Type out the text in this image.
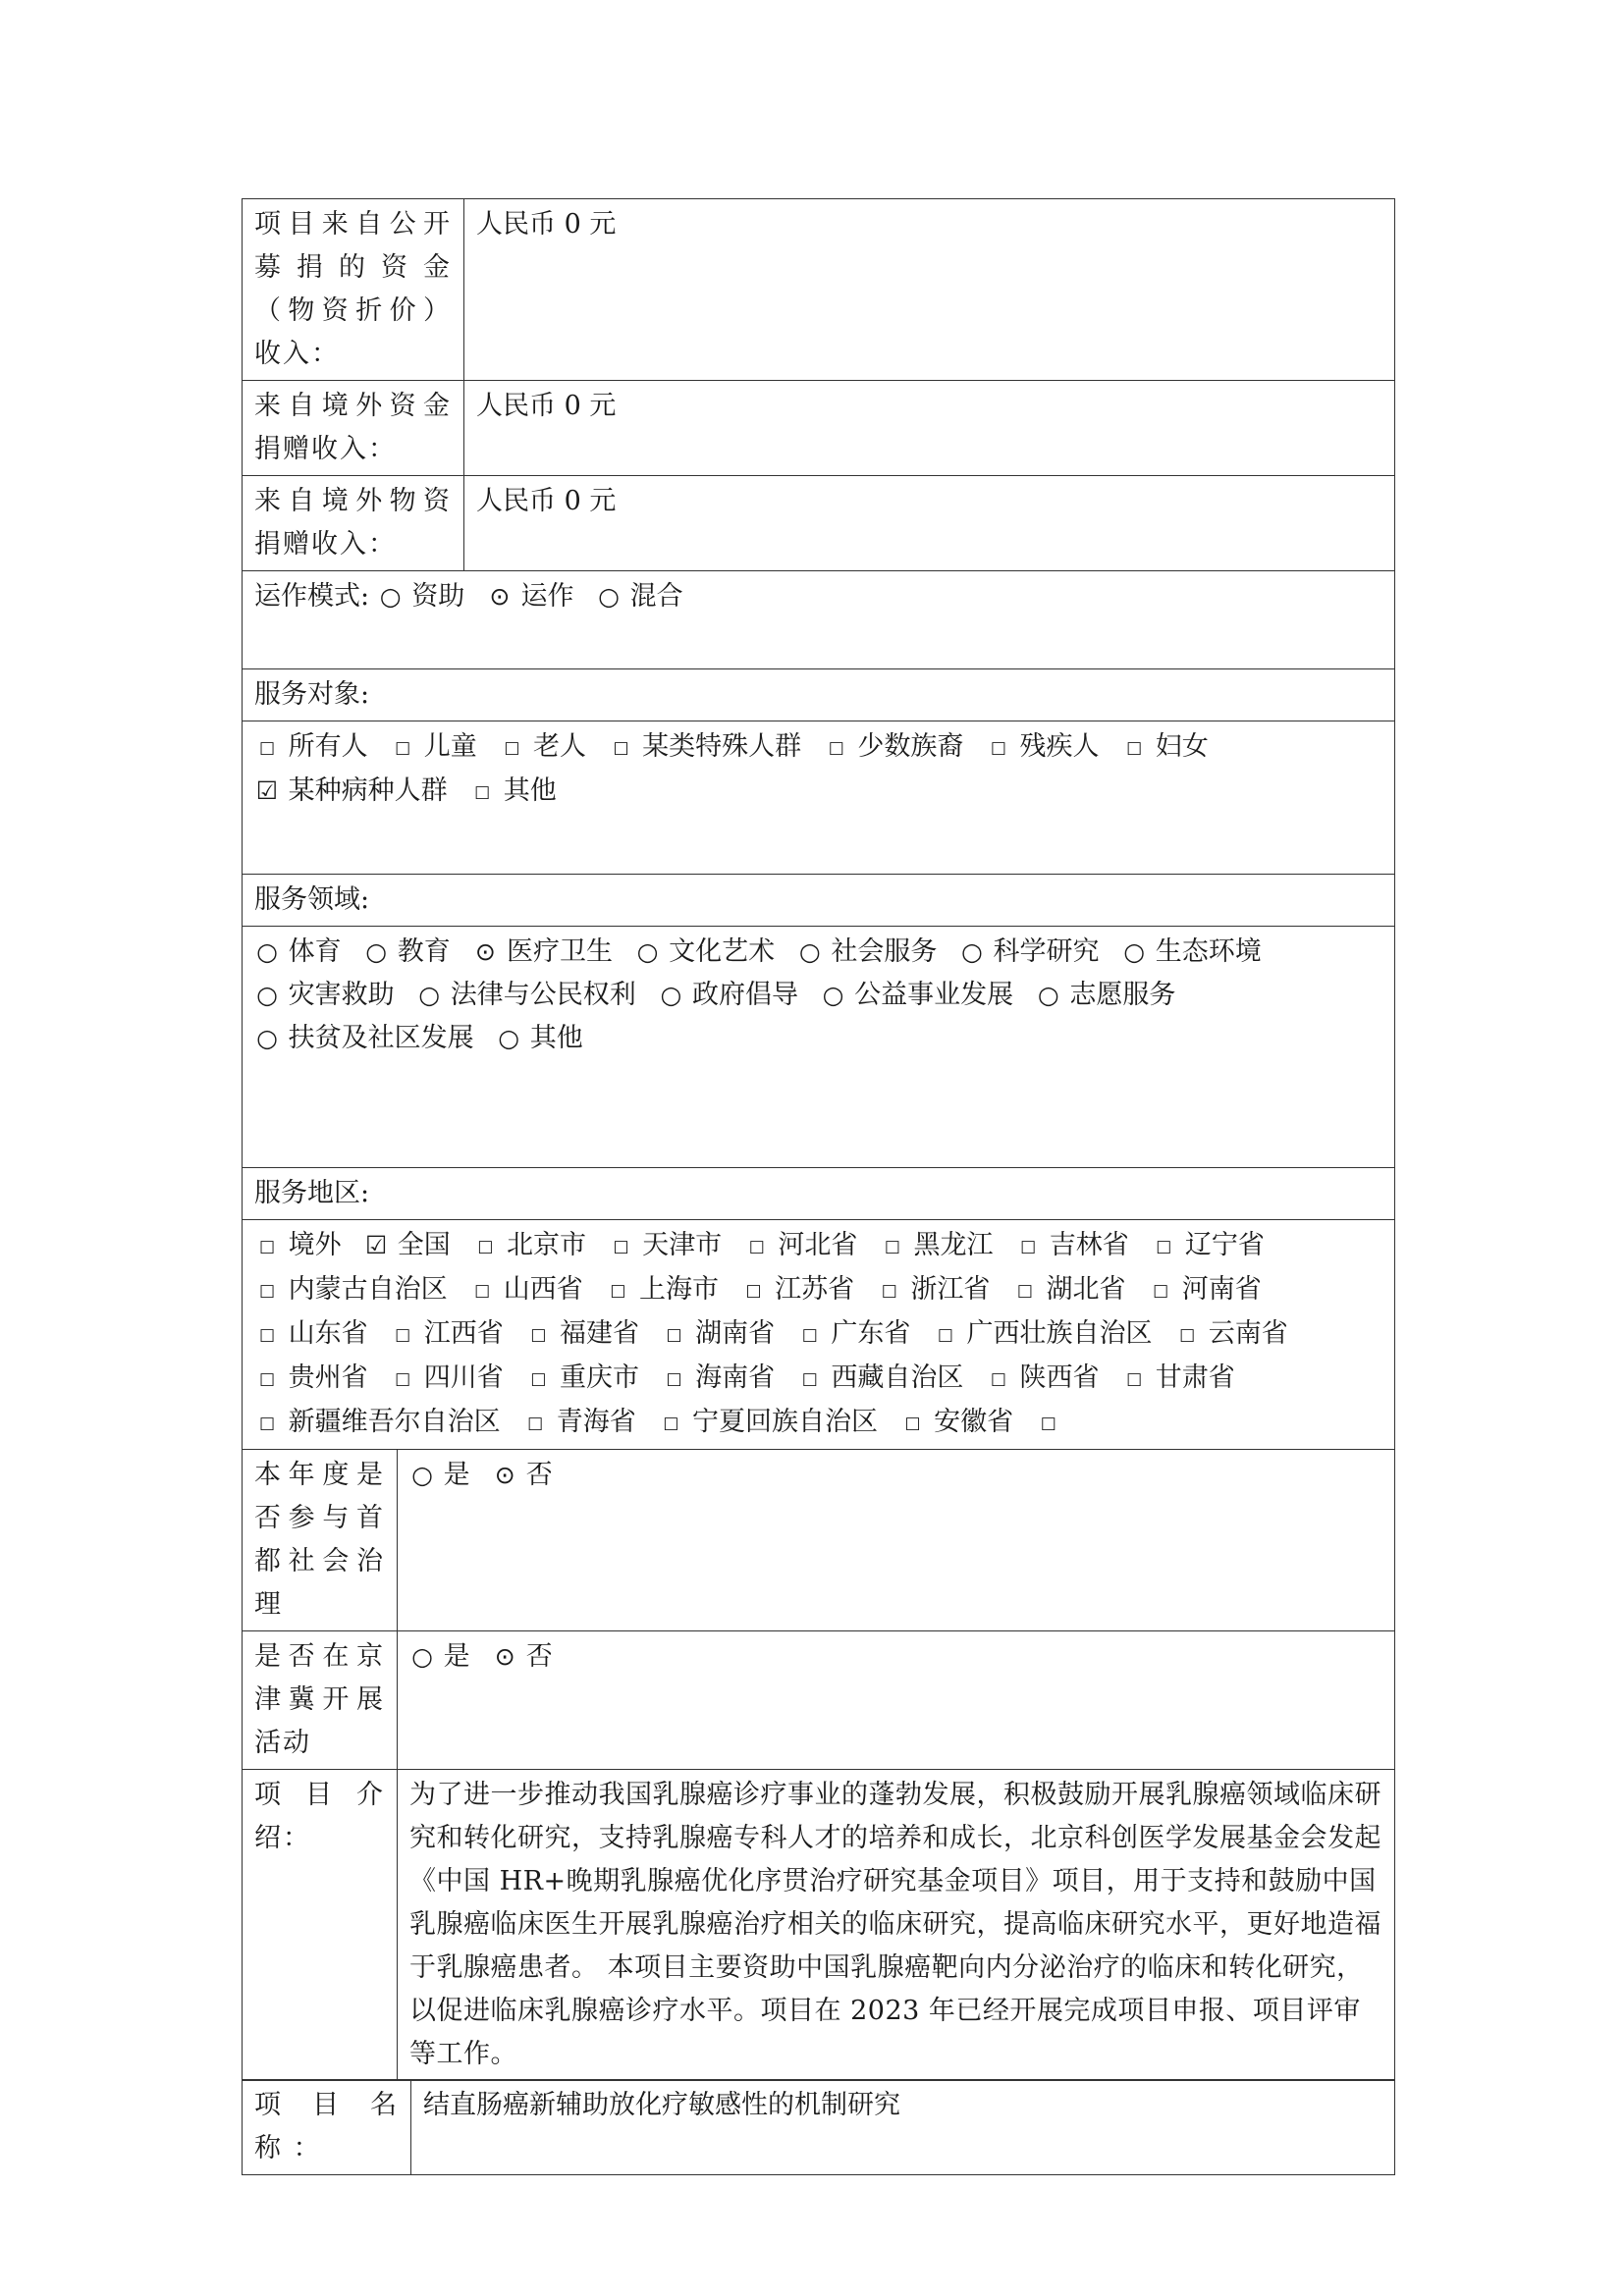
项目来自公开募捐的资金（物资折价）收入：	人民币 0 元
来自境外资金捐赠收入：	人民币 0 元
来自境外物资捐赠收入：	人民币 0 元
运作模式: ○ 资助 ⊙ 运作 ○ 混合	
服务对象:	
□ 所有人 □ 儿童 □ 老人 □ 某类特殊人群 □ 少数族裔 □ 残疾人 □ 妇女 ☑ 某种病种人群 □ 其他	
服务领域:	
○ 体育 ○ 教育 ⊙ 医疗卫生 ○ 文化艺术 ○ 社会服务 ○ 科学研究 ○ 生态环境 ○ 灾害救助 ○ 法律与公民权利 ○ 政府倡导 ○ 公益事业发展 ○ 志愿服务 ○ 扶贫及社区发展 ○ 其他	
服务地区:	
□ 境外 ☑ 全国 □ 北京市 □ 天津市 □ 河北省 □ 黑龙江 □ 吉林省 □ 辽宁省 □ 内蒙古自治区 □ 山西省 □ 上海市 □ 江苏省 □ 浙江省 □ 湖北省 □ 河南省 □ 山东省 □ 江西省 □ 福建省 □ 湖南省 □ 广东省 □ 广西壮族自治区 □ 云南省 □ 贵州省 □ 四川省 □ 重庆市 □ 海南省 □ 西藏自治区 □ 陕西省 □ 甘肃省 □ 新疆维吾尔自治区 □ 青海省 □ 宁夏回族自治区 □ 安徽省 □	
本年度是否参与首都社会治理	○ 是 ⊙ 否
是否在京津冀开展活动	○ 是 ⊙ 否
项 目 介 绍：	为了进一步推动我国乳腺癌诊疗事业的蓬勃发展，积极鼓励开展乳腺癌领域临床研究和转化研究，支持乳腺癌专科人才的培养和成长，北京科创医学发展基金会发起《中国 HR+晚期乳腺癌优化序贯治疗研究基金项目》项目，用于支持和鼓励中国乳腺癌临床医生开展乳腺癌治疗相关的临床研究，提高临床研究水平，更好地造福于乳腺癌患者。 本项目主要资助中国乳腺癌靶向内分泌治疗的临床和转化研究，以促进临床乳腺癌诊疗水平。项目在 2023 年已经开展完成项目申报、项目评审等工作。
项 目 名 称 ：	结直肠癌新辅助放化疗敏感性的机制研究
